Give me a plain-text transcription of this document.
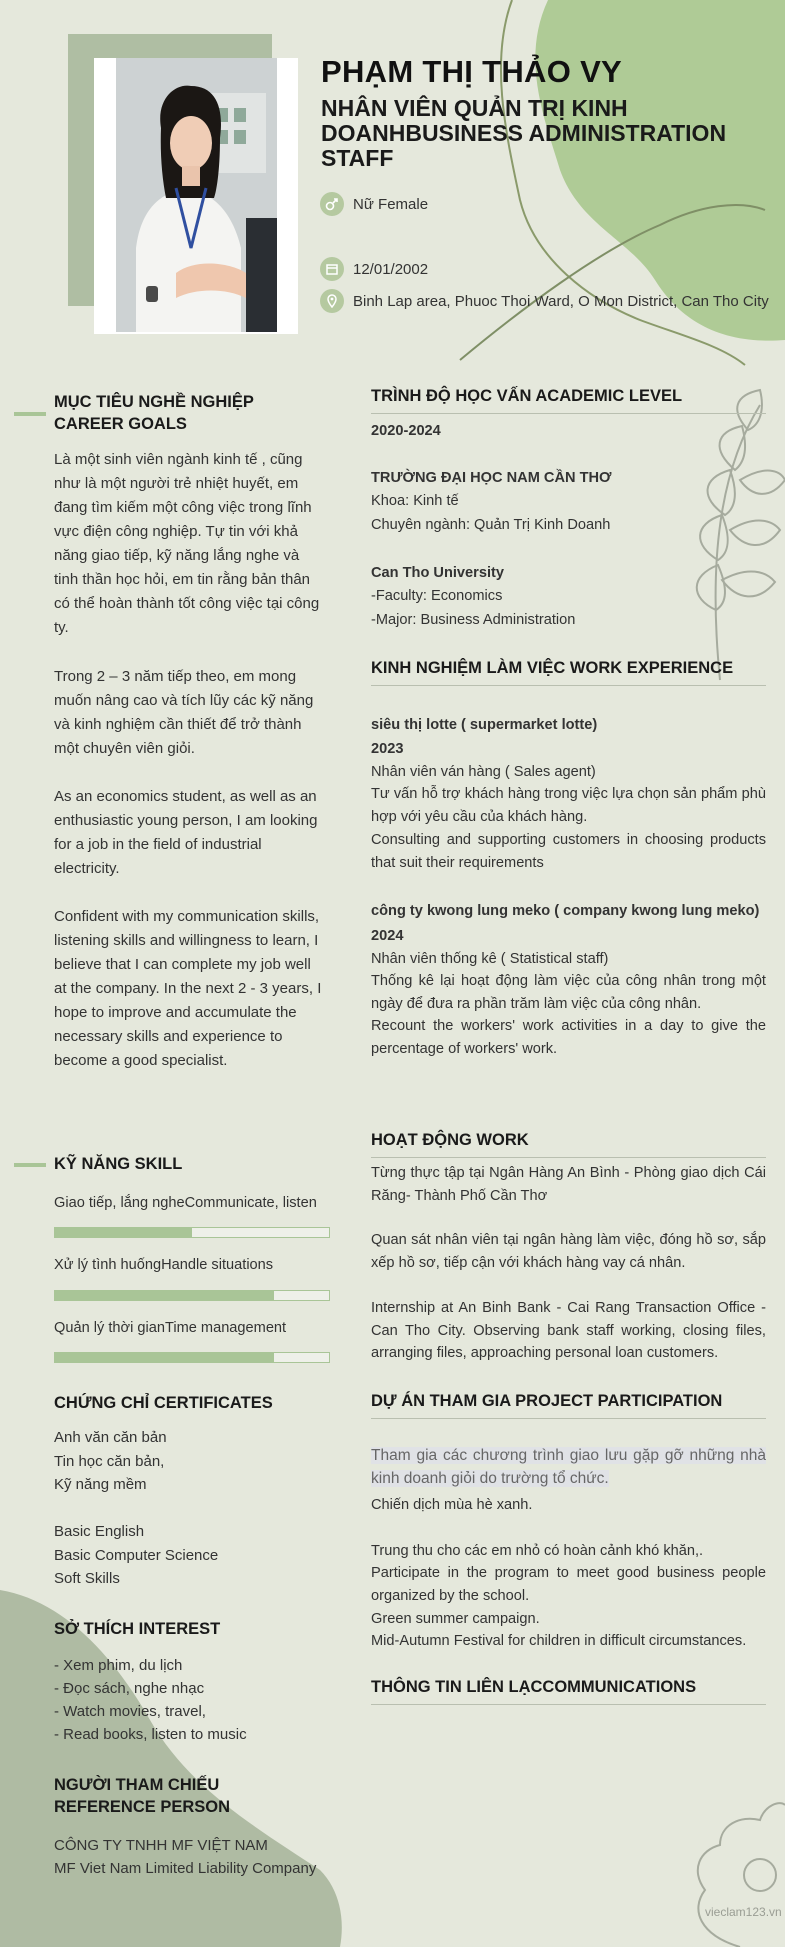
PHẠM THỊ THẢO VY
NHÂN VIÊN QUẢN TRỊ KINH DOANHBUSINESS ADMINISTRATION STAFF
Nữ Female
12/01/2002
Binh Lap area, Phuoc Thoi Ward, O Mon District, Can Tho City
MỤC TIÊU NGHỀ NGHIỆP
CAREER GOALS

Là một sinh viên ngành kinh tế , cũng như là một người trẻ nhiệt huyết, em đang tìm kiếm một công việc trong lĩnh vực điện công nghiệp. Tự tin với khả năng giao tiếp, kỹ năng lắng nghe và tinh thần học hỏi, em tin rằng bản thân có thể hoàn thành tốt công việc tại công ty.

Trong 2 – 3 năm tiếp theo, em mong muốn nâng cao và tích lũy các kỹ năng và kinh nghiệm cần thiết để trở thành một chuyên viên giỏi.

As an economics student, as well as an enthusiastic young person, I am looking for a job in the field of industrial electricity.

Confident with my communication skills, listening skills and willingness to learn, I believe that I can complete my job well at the company. In the next 2 - 3 years, I hope to improve and accumulate the necessary skills and experience to become a good specialist.

TRÌNH ĐỘ HỌC VẤN ACADEMIC LEVEL
2020-2024
TRƯỜNG ĐẠI HỌC NAM CẦN THƠ
Khoa: Kinh tế
Chuyên ngành: Quản Trị Kinh Doanh
Can Tho University
-Faculty: Economics
-Major: Business Administration
KINH NGHIỆM LÀM VIỆC WORK EXPERIENCE
siêu thị lotte ( supermarket lotte)
2023
Nhân viên ván hàng ( Sales agent)

Tư vấn hỗ trợ khách hàng trong việc lựa chọn sản phẩm phù hợp với yêu cầu của khách hàng.

Consulting and supporting customers in choosing products that suit their requirements

công ty kwong lung meko ( company kwong lung meko)
2024
Nhân viên thống kê ( Statistical staff)

Thống kê lại hoạt động làm việc của công nhân trong một ngày để đưa ra phần trăm làm việc của công nhân.

Recount the workers' work activities in a day to give the percentage of workers' work.

KỸ NĂNG SKILL
Giao tiếp, lắng ngheCommunicate, listen
Xử lý tình huốngHandle situations
Quản lý thời gianTime management
CHỨNG CHỈ CERTIFICATES
Anh văn căn bản
Tin học căn bản,
Kỹ năng mềm
Basic English
Basic Computer Science
Soft Skills
SỞ THÍCH INTEREST
- Xem phim, du lịch
- Đọc sách, nghe nhạc
- Watch movies, travel,
- Read books, listen to music
NGƯỜI THAM CHIẾU
REFERENCE PERSON
CÔNG TY TNHH MF VIỆT NAM
MF Viet Nam Limited Liability Company
HOẠT ĐỘNG WORK

Từng thực tập tại Ngân Hàng An Bình - Phòng giao dịch Cái Răng- Thành Phố Cần Thơ

Quan sát nhân viên tại ngân hàng làm việc, đóng hồ sơ, sắp xếp hồ sơ, tiếp cận với khách hàng vay cá nhân.

Internship at An Binh Bank - Cai Rang Transaction Office - Can Tho City. Observing bank staff working, closing files, arranging files, approaching personal loan customers.

DỰ ÁN THAM GIA PROJECT PARTICIPATION

Tham gia các chương trình giao lưu gặp gỡ những nhà kinh doanh giỏi do trường tổ chức.

Chiến dịch mùa hè xanh.
Trung thu cho các em nhỏ có hoàn cảnh khó khăn,.

Participate in the program to meet good business people organized by the school.

Green summer campaign.
Mid-Autumn Festival for children in difficult circumstances.
THÔNG TIN LIÊN LẠCCOMMUNICATIONS
vieclam123.vn
